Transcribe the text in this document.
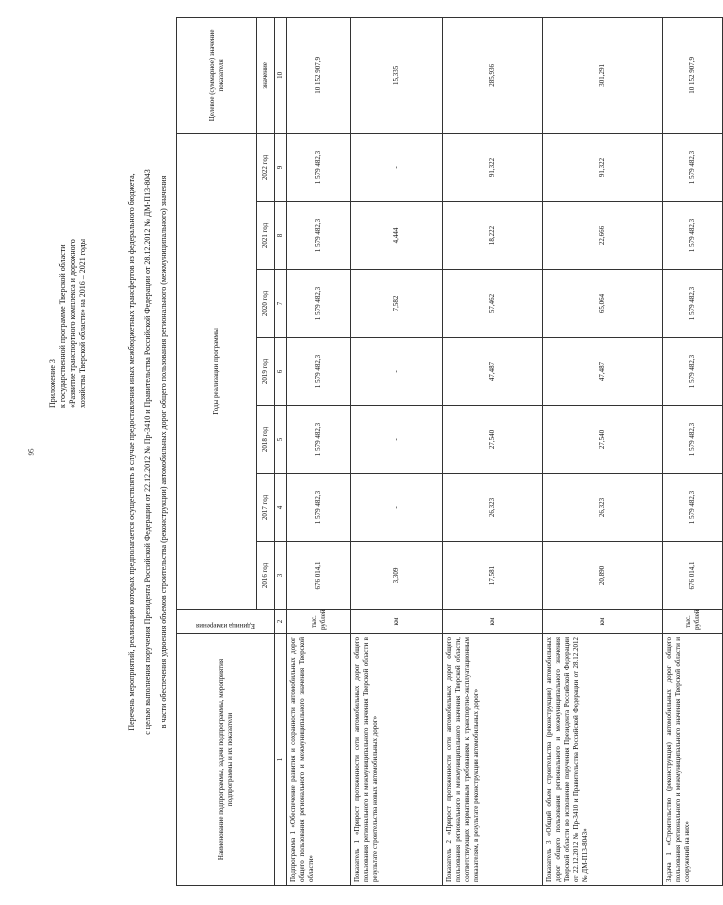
95
Приложение 3 к государственной программе Тверской области «Развитие транспортного комплекса и дорожного хозяйства Тверской области» на 2016 – 2021 годы	Перечень мероприятий, реализацию которых предполагается осуществлять в случае предоставления иных межбюджетных трансфертов из федерального бюджета, с целью выполнения поручения Президента Российской Федерации от 22.12.2012 № Пр-3410 и Правительства Российской Федерации от 28.12.2012 № ДМ-П13-8043 в части обеспечения удвоения объемов строительства (реконструкции) автомобильных дорог общего пользования регионального (межмуниципального) значения
Наименование подпрограммы, задачи подпрограммы, мероприятия подпрограммы и их показатели	Единица измерения	Годы реализации программы							Целевое (суммарное) значение показателя
		2016 год	2017 год	2018 год	2019 год	2020 год	2021 год	2022 год	значение
1	2	3	4	5	6	7	8	9	10
Подпрограмма 1 «Обеспечение развития и сохранности автомобильных дорог общего пользования регионального и межмуниципального значения Тверской области»	тыс. рублей	676 014,1	1 579 482,3	1 579 482,3	1 579 482,3	1 579 482,3	1 579 482,3	1 579 482,3	10 152 907,9
Показатель 1 «Прирост протяженности сети автомобильных дорог общего пользования регионального и межмуниципального значения Тверской области в результате строительства новых автомобильных дорог»	км	3,309	-	-	-	7,582	4,444	-	15,335
Показатель 2 «Прирост протяженности сети автомобильных дорог общего пользования регионального и межмуниципального значения Тверской области, соответствующих нормативным требованиям к транспортно-эксплуатационным показателям, в результате реконструкции автомобильных дорог»	км	17,581	26,323	27,540	47,487	57,462	18,222	91,322	285,936
Показатель 3 «Общий объем строительства (реконструкции) автомобильных дорог общего пользования регионального и межмуниципального значения Тверской области во исполнение поручения Президента Российской Федерации от 22.12.2012 № Пр-3410 и Правительства Российской Федерации от 28.12.2012 № ДМ-П13-8043»	км	20,890	26,323	27,540	47,487	65,064	22,666	91,322	301,291
Задача 1 «Строительство (реконструкция) автомобильных дорог общего пользования регионального и межмуниципального значения Тверской области и сооружений на них»	тыс. рублей	676 014,1	1 579 482,3	1 579 482,3	1 579 482,3	1 579 482,3	1 579 482,3	1 579 482,3	10 152 907,9
